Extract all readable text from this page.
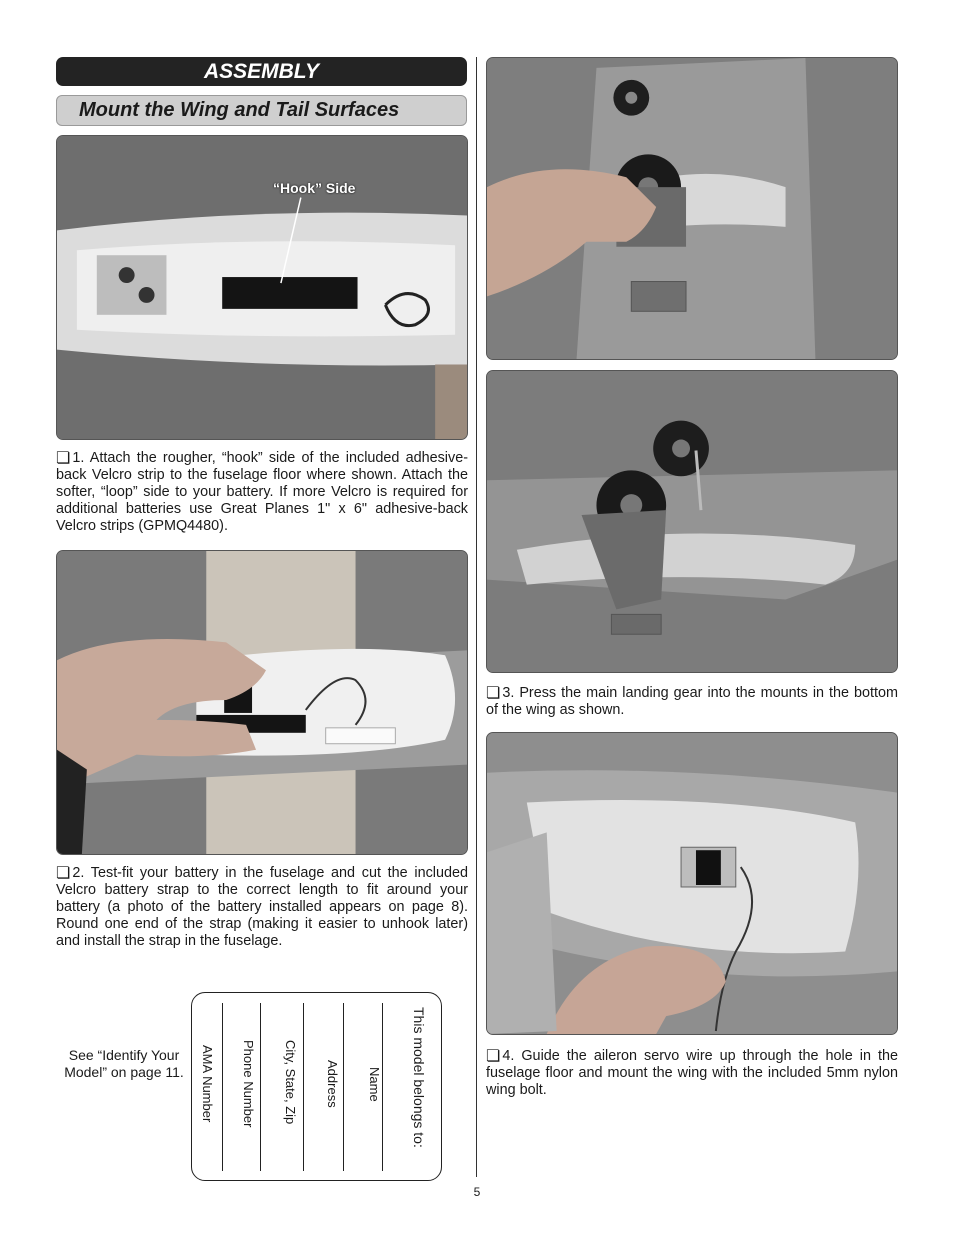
ASSEMBLY
Mount the Wing and Tail Surfaces
“Hook” Side
❏ 1. Attach the rougher, “hook” side of the included adhesive-back Velcro strip to the fuselage floor where shown. Attach the softer, “loop” side to your battery. If more Velcro is required for additional batteries use Great Planes 1" x 6" adhesive-back Velcro strips (GPMQ4480).
❏ 2. Test-fit your battery in the fuselage and cut the included Velcro battery strap to the correct length to fit around your battery (a photo of the battery installed appears on page 8). Round one end of the strap (making it easier to unhook later) and install the strap in the fuselage.
See “Identify Your Model” on page 11.	This model belongs to:
Name
Address
City, State, Zip
Phone Number
AMA Number
❏ 3. Press the main landing gear into the mounts in the bottom of the wing as shown.
❏ 4. Guide the aileron servo wire up through the hole in the fuselage floor and mount the wing with the included 5mm nylon wing bolt.
5
